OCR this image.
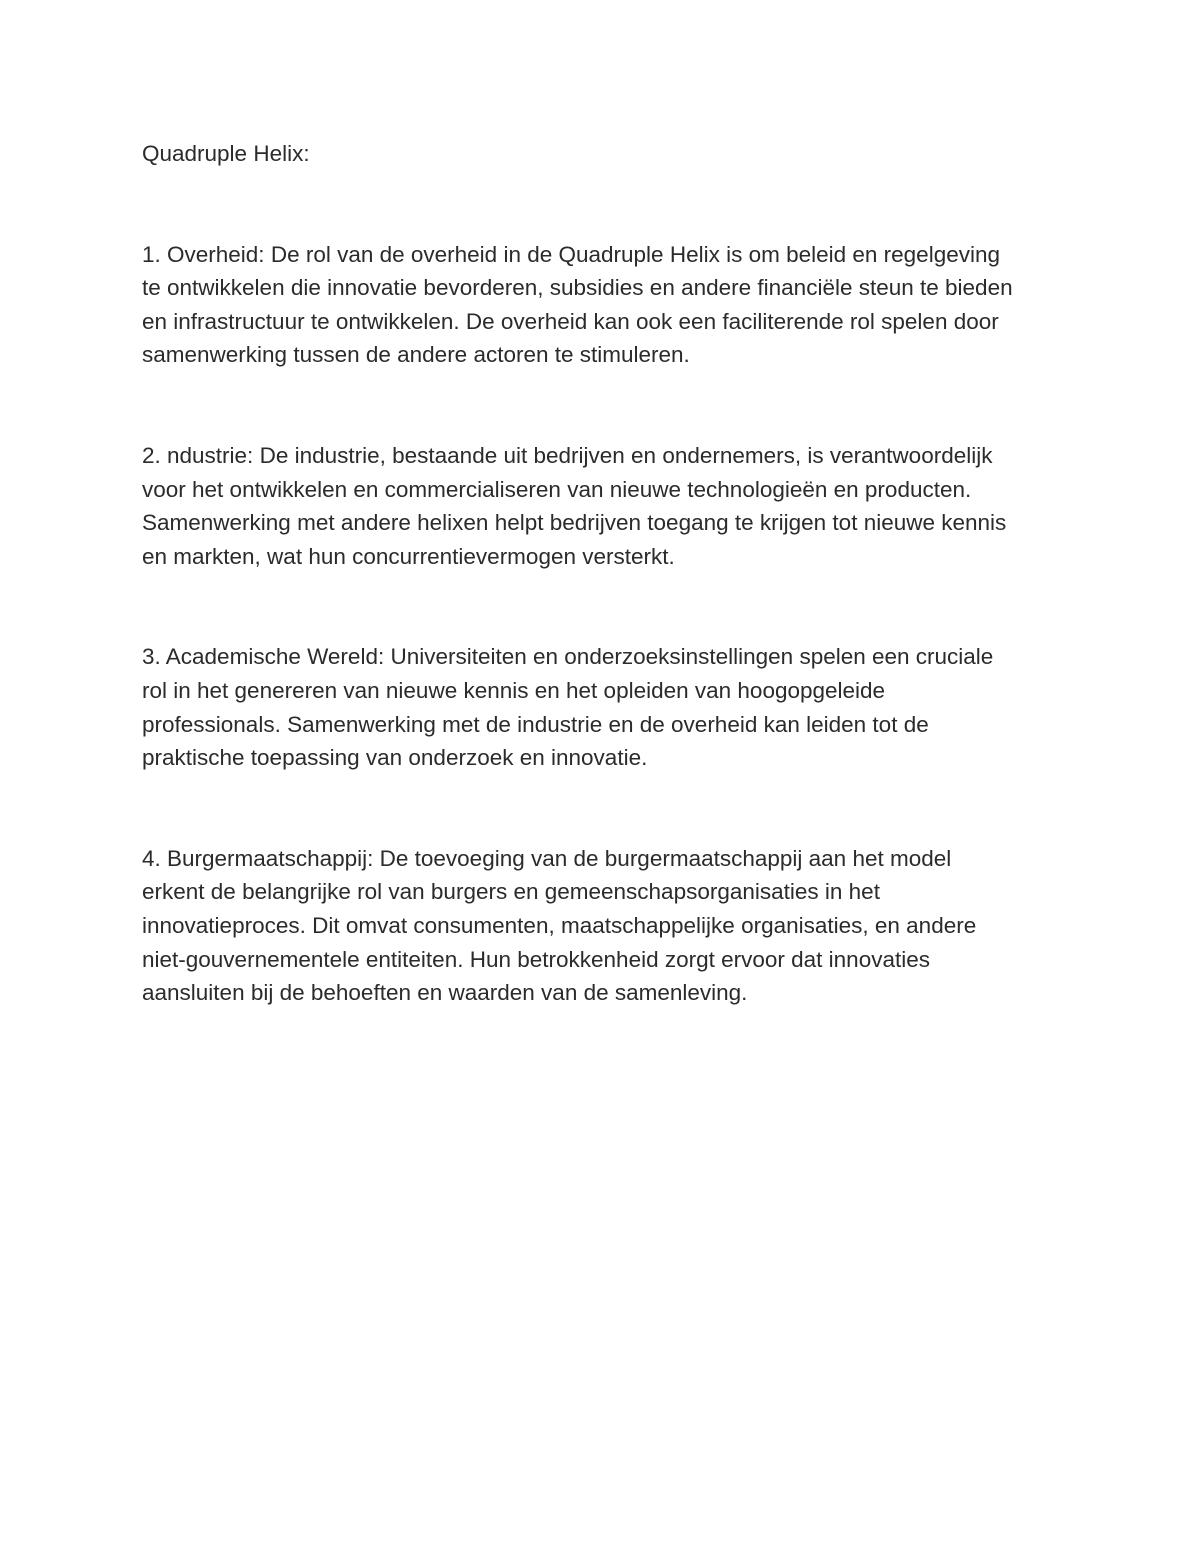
Quadruple Helix:

1. Overheid: De rol van de overheid in de Quadruple Helix is om beleid en regelgeving
te ontwikkelen die innovatie bevorderen, subsidies en andere financiële steun te bieden
en infrastructuur te ontwikkelen. De overheid kan ook een faciliterende rol spelen door
samenwerking tussen de andere actoren te stimuleren.

2. ndustrie: De industrie, bestaande uit bedrijven en ondernemers, is verantwoordelijk
voor het ontwikkelen en commercialiseren van nieuwe technologieën en producten.
Samenwerking met andere helixen helpt bedrijven toegang te krijgen tot nieuwe kennis
en markten, wat hun concurrentievermogen versterkt.

3. Academische Wereld: Universiteiten en onderzoeksinstellingen spelen een cruciale
rol in het genereren van nieuwe kennis en het opleiden van hoogopgeleide
professionals. Samenwerking met de industrie en de overheid kan leiden tot de
praktische toepassing van onderzoek en innovatie.

4. Burgermaatschappij: De toevoeging van de burgermaatschappij aan het model
erkent de belangrijke rol van burgers en gemeenschapsorganisaties in het
innovatieproces. Dit omvat consumenten, maatschappelijke organisaties, en andere
niet-gouvernementele entiteiten. Hun betrokkenheid zorgt ervoor dat innovaties
aansluiten bij de behoeften en waarden van de samenleving.
